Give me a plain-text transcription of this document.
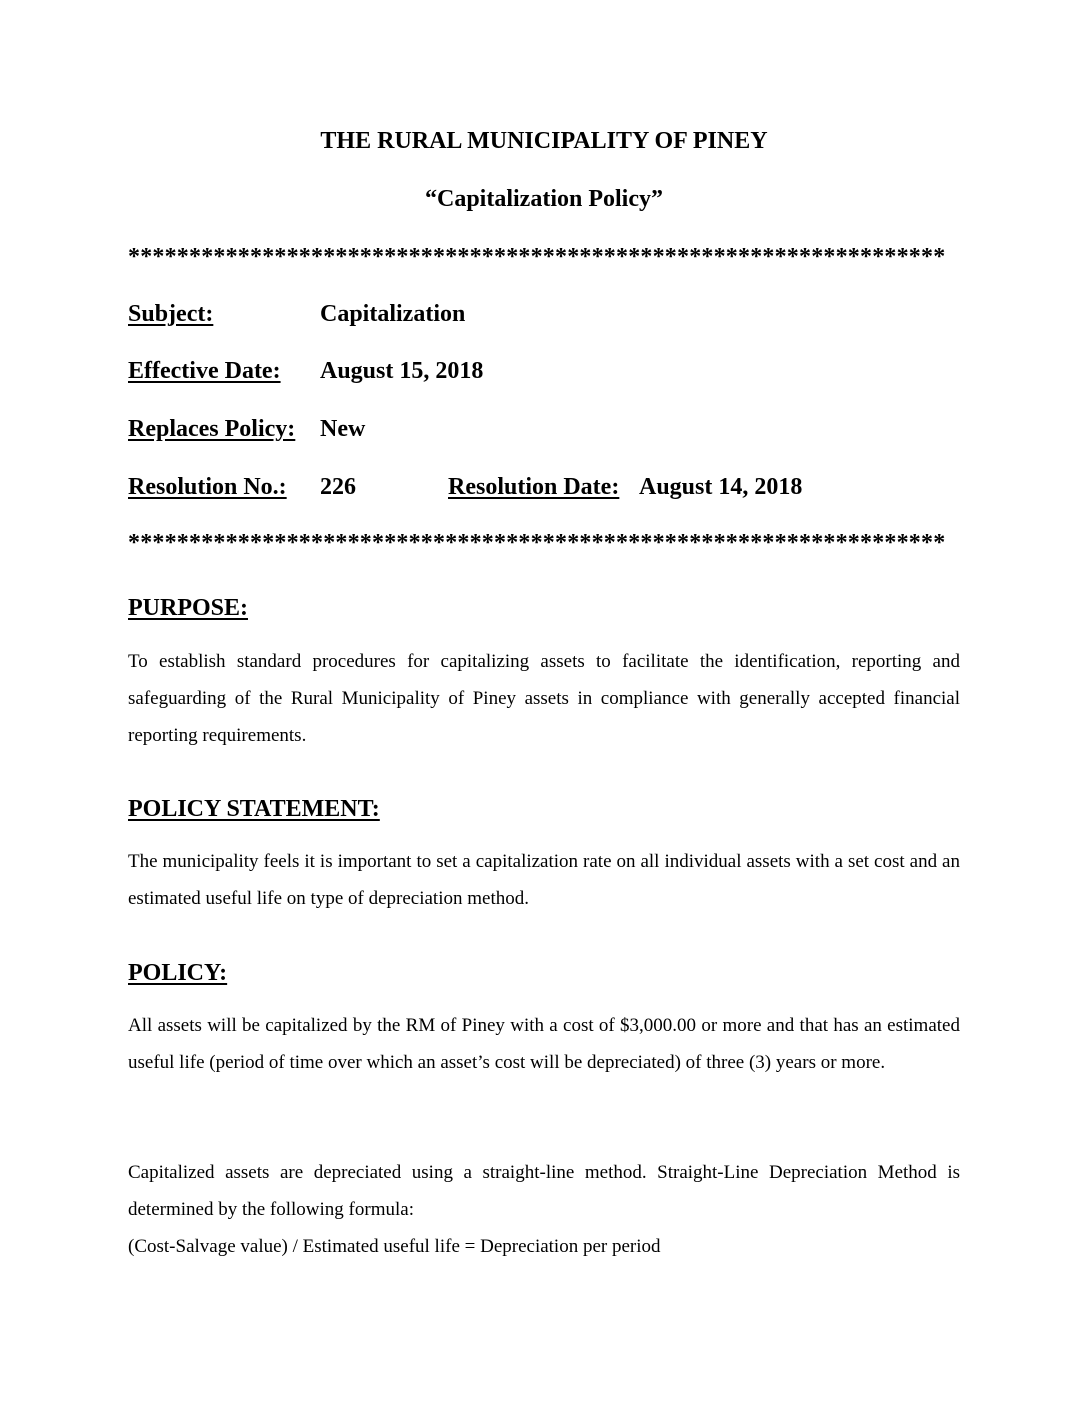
THE RURAL MUNICIPALITY OF PINEY
“Capitalization Policy”
*******************************************************************
Subject:	Capitalization
Effective Date: August 15, 2018
Replaces Policy: New
Resolution No.: 226	Resolution Date: August 14, 2018
*******************************************************************
PURPOSE:
To establish standard procedures for capitalizing assets to facilitate the identification, reporting and safeguarding of the Rural Municipality of Piney assets in compliance with generally accepted financial reporting requirements.
POLICY STATEMENT:
The municipality feels it is important to set a capitalization rate on all individual assets with a set cost and an estimated useful life on type of depreciation method.
POLICY:
All assets will be capitalized by the RM of Piney with a cost of $3,000.00 or more and that has an estimated useful life (period of time over which an asset’s cost will be depreciated) of three (3) years or more.
Capitalized assets are depreciated using a straight-line method. Straight-Line Depreciation Method is determined by the following formula:
(Cost-Salvage value) / Estimated useful life = Depreciation per period
